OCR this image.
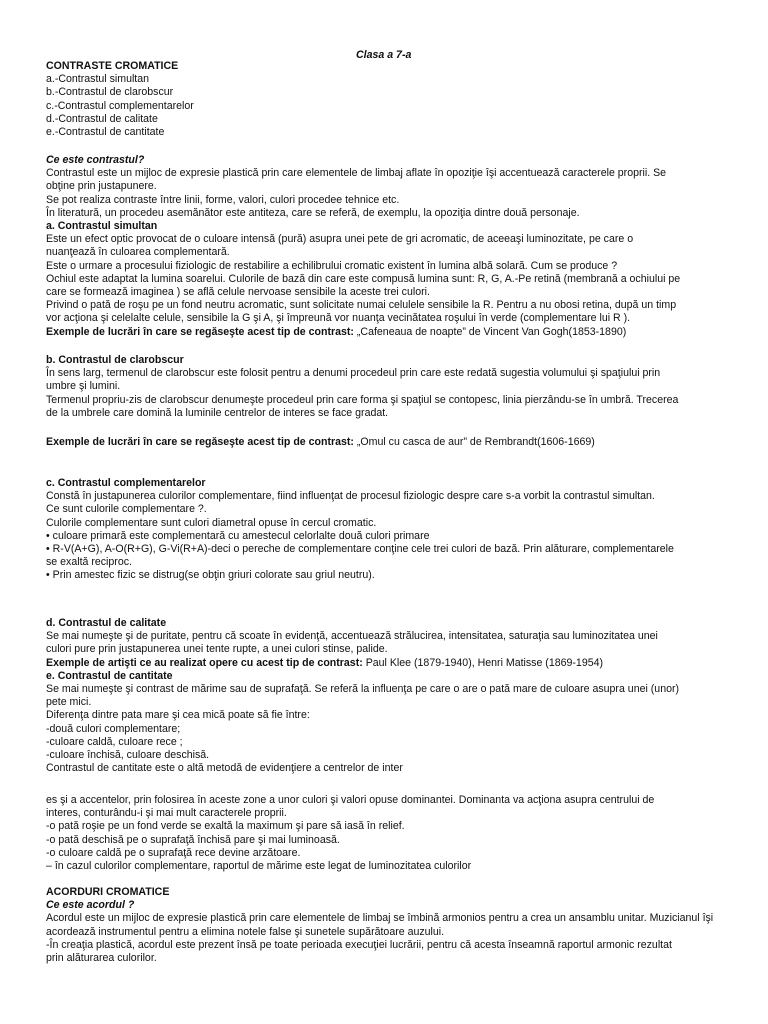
Clasa a 7-a

CONTRASTE CROMATICE

a.-Contrastul simultan

b.-Contrastul de clarobscur

c.-Contrastul complementarelor

d.-Contrastul de calitate

e.-Contrastul de cantitate

Ce este contrastul?

Contrastul este un mijloc de expresie plastică prin care elementele de limbaj aflate în opoziţie îşi accentuează caracterele proprii. Se

obţine prin justapunere.

Se pot realiza contraste între linii, forme, valori, culori procedee tehnice etc.

În literatură, un procedeu asemănător este antiteza, care se referă, de exemplu, la opoziţia dintre două personaje.

a. Contrastul simultan

Este un efect optic provocat de o culoare intensă (pură) asupra unei pete de gri acromatic, de aceeaşi luminozitate, pe care o

nuanţează în culoarea complementară.

Este o urmare a procesului fiziologic de restabilire a echilibrului cromatic existent în lumina albă solară. Cum se produce ?

Ochiul este adaptat la lumina soarelui. Culorile de bază din care este compusă lumina sunt: R, G, A.-Pe retină (membrană a ochiului pe

care se formează imaginea ) se află celule nervoase sensibile la aceste trei culori.

Privind o pată de roşu pe un fond neutru acromatic, sunt solicitate numai celulele sensibile la R. Pentru a nu obosi retina, după un timp

vor acţiona şi celelalte celule, sensibile la G şi A, şi împreună vor nuanţa vecinătatea roşului în verde (complementare lui R ).

Exemple de lucrări în care se regăseşte acest tip de contrast: „Cafeneaua de noapte” de Vincent Van Gogh(1853-1890)

b. Contrastul de clarobscur

În sens larg, termenul de clarobscur este folosit pentru a denumi procedeul prin care este redată sugestia volumului şi spaţiului prin

umbre şi lumini.

Termenul propriu-zis de clarobscur denumeşte procedeul prin care forma şi spaţiul se contopesc, linia pierzându-se în umbră. Trecerea

de la umbrele care domină la luminile centrelor de interes se face gradat.

Exemple de lucrări în care se regăseşte acest tip de contrast: „Omul cu casca de aur” de Rembrandt(1606-1669)

c. Contrastul complementarelor

Constă în justapunerea culorilor complementare, fiind influenţat de procesul fiziologic despre care s-a vorbit la contrastul simultan.

Ce sunt culorile complementare ?.

Culorile complementare sunt culori diametral opuse în cercul cromatic.

• culoare primară este complementară cu amestecul celorlalte două culori primare

• R-V(A+G), A-O(R+G), G-Vi(R+A)-deci o pereche de complementare conţine cele trei culori de bază. Prin alăturare, complementarele

se exaltă reciproc.

• Prin amestec fizic se distrug(se obţin griuri colorate sau griul neutru).

d. Contrastul de calitate

Se mai numeşte şi de puritate, pentru că scoate în evidenţă, accentuează strălucirea, intensitatea, saturaţia sau luminozitatea unei

culori pure prin justapunerea unei tente rupte, a unei culori stinse, palide.

Exemple de artişti ce au realizat opere cu acest tip de contrast: Paul Klee (1879-1940), Henri Matisse (1869-1954)

e. Contrastul de cantitate

Se mai numeşte şi contrast de mărime sau de suprafaţă. Se referă la influenţa pe care o are o pată mare de culoare asupra unei (unor)

pete mici.

Diferenţa dintre pata mare şi cea mică poate să fie între:

-două culori complementare;

-culoare caldă, culoare rece ;

-culoare închisă, culoare deschisă.

Contrastul de cantitate este o altă metodă de evidenţiere a centrelor de inter

es şi a accentelor, prin folosirea în aceste zone a unor culori şi valori opuse dominantei. Dominanta va acţiona asupra centrului de

interes, conturându-i şi mai mult caracterele proprii.

-o pată roşie pe un fond verde se exaltă la maximum şi pare să iasă în relief.

-o pată deschisă pe o suprafaţă închisă pare şi mai luminoasă.

-o culoare caldă pe o suprafaţă rece devine arzătoare.

– în cazul culorilor complementare, raportul de mărime este legat de luminozitatea culorilor

ACORDURI CROMATICE

Ce este acordul ?

Acordul este un mijloc de expresie plastică prin care elementele de limbaj se îmbină armonios pentru a crea un ansamblu unitar. Muzicianul îşi

acordează instrumentul pentru a elimina notele false şi sunetele supărătoare auzului.

-În creaţia plastică, acordul este prezent însă pe toate perioada execuţiei lucrării, pentru că acesta înseamnă raportul armonic rezultat

prin alăturarea culorilor.
